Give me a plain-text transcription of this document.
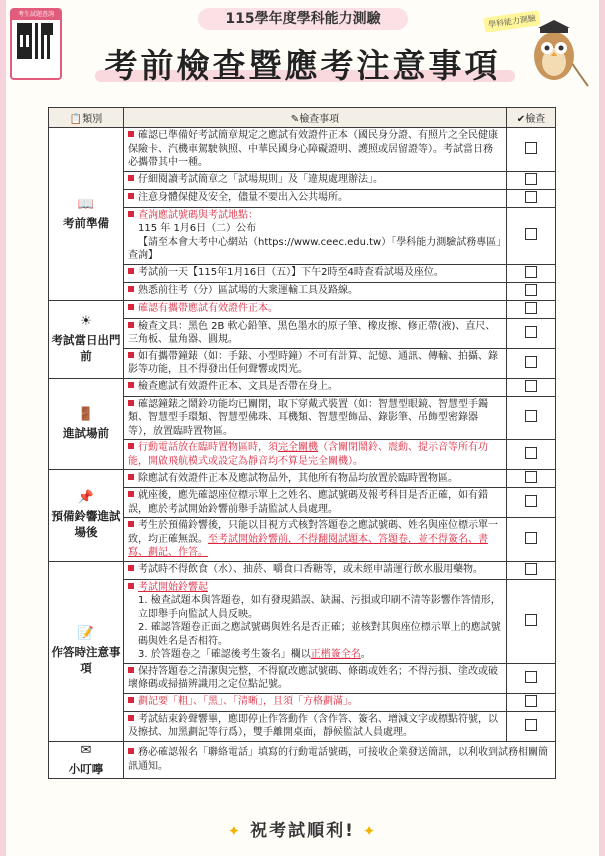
考生試題查詢	115學年度學科能力測驗
考前檢查暨應考注意事項
學科能力測驗
📋類別	✎檢查事項	✔檢查

📖
考前準備	確認已準備好考試簡章規定之應試有效證件正本（國民身分證、有照片之全民健康保險卡、汽機車駕駛執照、中華民國身心障礙證明、護照或居留證等）。考試當日務必攜帶其中一種。	
	仔細閱讀考試簡章之「試場規則」及「違規處理辦法」。	
	注意身體保健及安全，儘量不要出入公共場所。	
	查詢應試號碼與考試地點：
115 年 1月6日（二）公布
【請至本會大考中心網站（https://www.ceec.edu.tw）「學科能力測驗試務專區」查詢】	
	考試前一天【115年1月16日（五）】下午2時至4時查看試場及座位。	
	熟悉前往考（分）區試場的大衆運輸工具及路線。	

☀
考試當日出門前	確認有攜帶應試有效證件正本。	
	檢查文具：黑色 2B 軟心鉛筆、黑色墨水的原子筆、橡皮擦、修正帶(液)、直尺、三角板、量角器、圓規。	
	如有攜帶鐘錶（如：手錶、小型時鐘）不可有計算、記憶、通訊、傳輸、拍攝、錄影等功能，且不得發出任何聲響或閃光。	

🚪
進試場前	檢查應試有效證件正本、文具是否帶在身上。	
	確認鐘錶之鬧鈴功能均已關閉，取下穿戴式裝置（如：智慧型眼鏡、智慧型手鐲類、智慧型手環類、智慧型佛珠、耳機類、智慧型飾品、錄影筆、吊飾型密錄器等），放置臨時置物區。	
	行動電話放在臨時置物區時，須完全關機（含關閉鬧鈴、震動、提示音等所有功能，開啟飛航模式或設定為靜音均不算是完全關機）。	

📌
預備鈴響進試場後	除應試有效證件正本及應試物品外，其他所有物品均放置於臨時置物區。	
	就座後，應先確認座位標示單上之姓名、應試號碼及報考科目是否正確，如有錯誤，應於考試開始鈴響前舉手請監試人員處理。	
	考生於預備鈴響後，只能以目視方式核對答題卷之應試號碼、姓名與座位標示單一致，均正確無誤。至考試開始鈴響前，不得翻閱試題本、答題卷，並不得簽名、書寫、劃記、作答。	

📝
作答時注意事項	考試時不得飲食（水）、抽菸、嚼食口香糖等，或未經申請運行飲水服用藥物。	
	考試開始鈴響起

1. 檢查試題本與答題卷，如有發現錯誤、缺漏、污損或印刷不清等影響作答情形，立即舉手向監試人員反映。
2. 確認答題卷正面之應試號碼與姓名是否正確；並核對其與座位標示單上的應試號碼與姓名是否相符。
3. 於答題卷之「確認後考生簽名」欄以正楷簽全名。	

	保持答題卷之清潔與完整，不得竄改應試號碼、條碼或姓名；不得污損、塗改或破壞條碼或掃描辨識用之定位點記號。	
	劃記要「粗」、「黑」、「清晰」，且須「方格劃滿」。	
	考試結束鈴聲響畢，應即停止作答動作（含作答、簽名、增減文字或標點符號，以及擦拭、加黑劃記等行爲），雙手離開桌面，靜候監試人員處理。	

✉
小叮嚀	務必確認報名「聯絡電話」填寫的行動電話號碼，可接收企業發送簡訊，以利收到試務相關簡訊通知。	
✦ 祝考試順利! ✦
